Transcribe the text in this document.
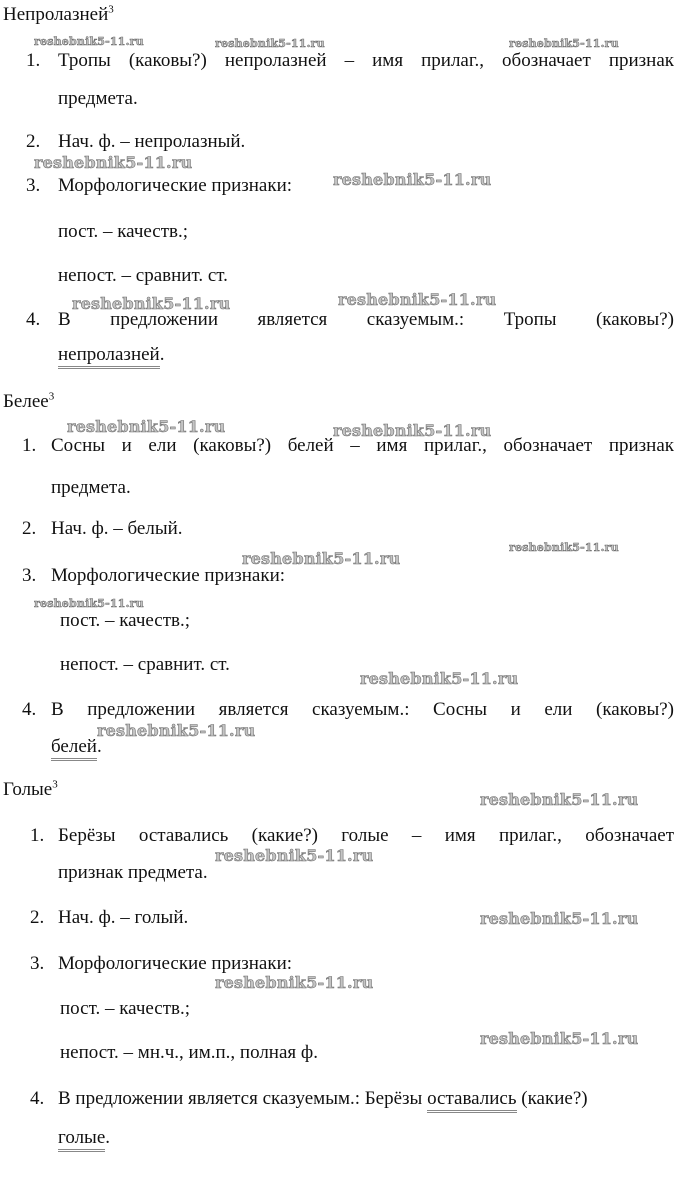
Непролазней$^3$
1. Тропы (каковы?) непролазней – имя прилаг., обозначает признак
предмета.
2. Нач. ф. – непролазный.
3. Морфологические признаки:
пост. – качеств.;
непост. – сравнит. ст.
4. В предложении является сказуемым.: Тропы (каковы?)
непролазней.
Белее$^3$
1. Сосны и ели (каковы?) белей – имя прилаг., обозначает признак
предмета.
2. Нач. ф. – белый.
3. Морфологические признаки:
пост. – качеств.;
непост. – сравнит. ст.
4. В предложении является сказуемым.: Сосны и ели (каковы?)
белей.
Голые$^3$
1. Берёзы оставались (какие?) голые – имя прилаг., обозначает
признак предмета.
2. Нач. ф. – голый.
3. Морфологические признаки:
пост. – качеств.;
непост. – мн.ч., им.п., полная ф.
4. В предложении является сказуемым.: Берёзы оставались (какие?)
голые.
reshebnik5-11.ru	reshebnik5-11.ru	reshebnik5-11.ru
reshebnik5-11.ru
reshebnik5-11.ru
reshebnik5-11.ru	reshebnik5-11.ru
reshebnik5-11.ru	reshebnik5-11.ru
reshebnik5-11.ru
reshebnik5-11.ru
reshebnik5-11.ru
reshebnik5-11.ru
reshebnik5-11.ru
reshebnik5-11.ru
reshebnik5-11.ru
reshebnik5-11.ru
reshebnik5-11.ru
reshebnik5-11.ru
